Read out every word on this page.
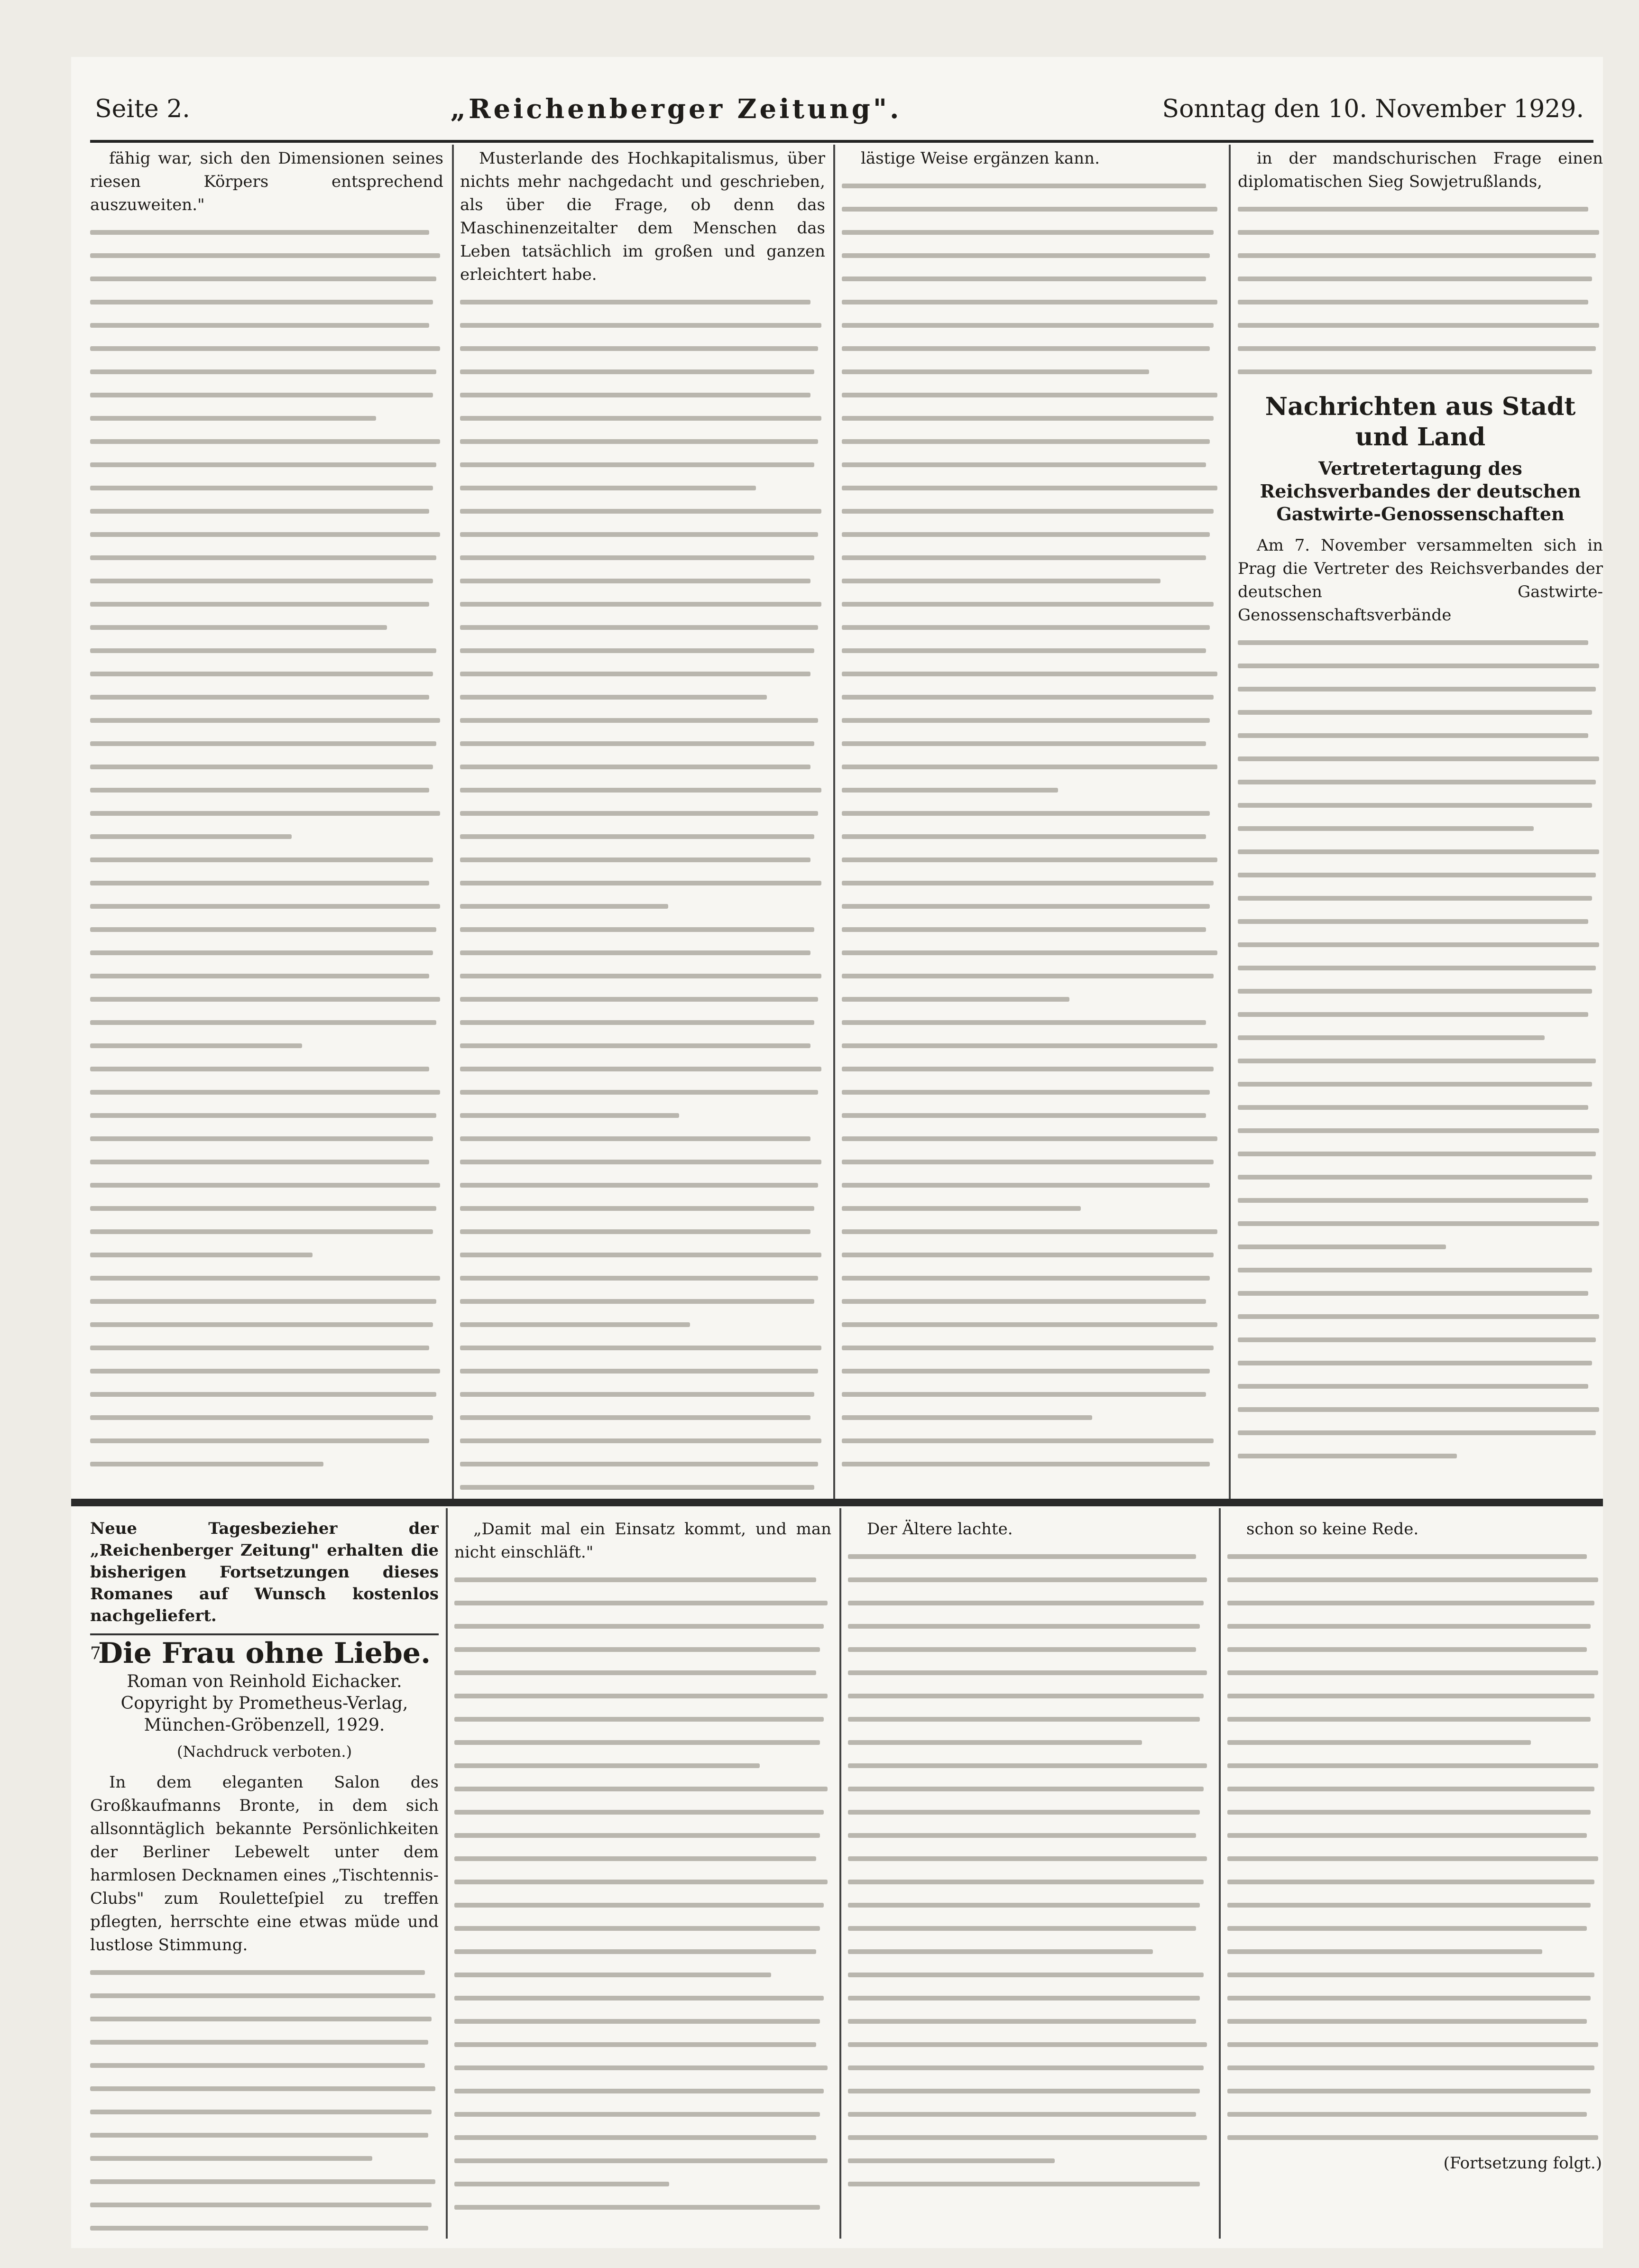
Seite 2.	„Reichenberger Zeitung".	Sonntag den 10. November 1929.

fähig war, sich den Dimensionen seines riesen Körpers entsprechend auszuweiten."

Musterlande des Hochkapitalismus, über nichts mehr nachgedacht und geschrieben, als über die Frage, ob denn das Maschinenzeitalter dem Menschen das Leben tatsächlich im großen und ganzen erleichtert habe.

lästige Weise ergänzen kann.	in der mandschurischen Frage einen diplomatischen Sieg Sowjetrußlands,

Nachrichten aus Stadt und Land
Vertretertagung des Reichsverbandes der deutschen Gastwirte-Genossenschaften

Am 7. November versammelten sich in Prag die Vertreter des Reichsverbandes der deutschen Gastwirte-Genossenschaftsverbände

Neue Tagesbezieher der „Reichenberger Zeitung" erhalten die bisherigen Fortsetzungen dieses Romanes auf Wunsch kostenlos nachgeliefert.
7
Die Frau ohne Liebe.
Roman von Reinhold Eichacker.
Copyright by Prometheus-Verlag, München-Gröbenzell, 1929.
(Nachdruck verboten.)

In dem eleganten Salon des Großkaufmanns Bronte, in dem sich allsonntäglich bekannte Persönlichkeiten der Berliner Lebewelt unter dem harmlosen Decknamen eines „Tischtennis-Clubs" zum Rouletteſpiel zu treffen pflegten, herrschte eine etwas müde und lustlose Stimmung.

„Damit mal ein Einsatz kommt, und man nicht einschläft."

Der Ältere lachte.	schon so keine Rede.

(Fortsetzung folgt.)
